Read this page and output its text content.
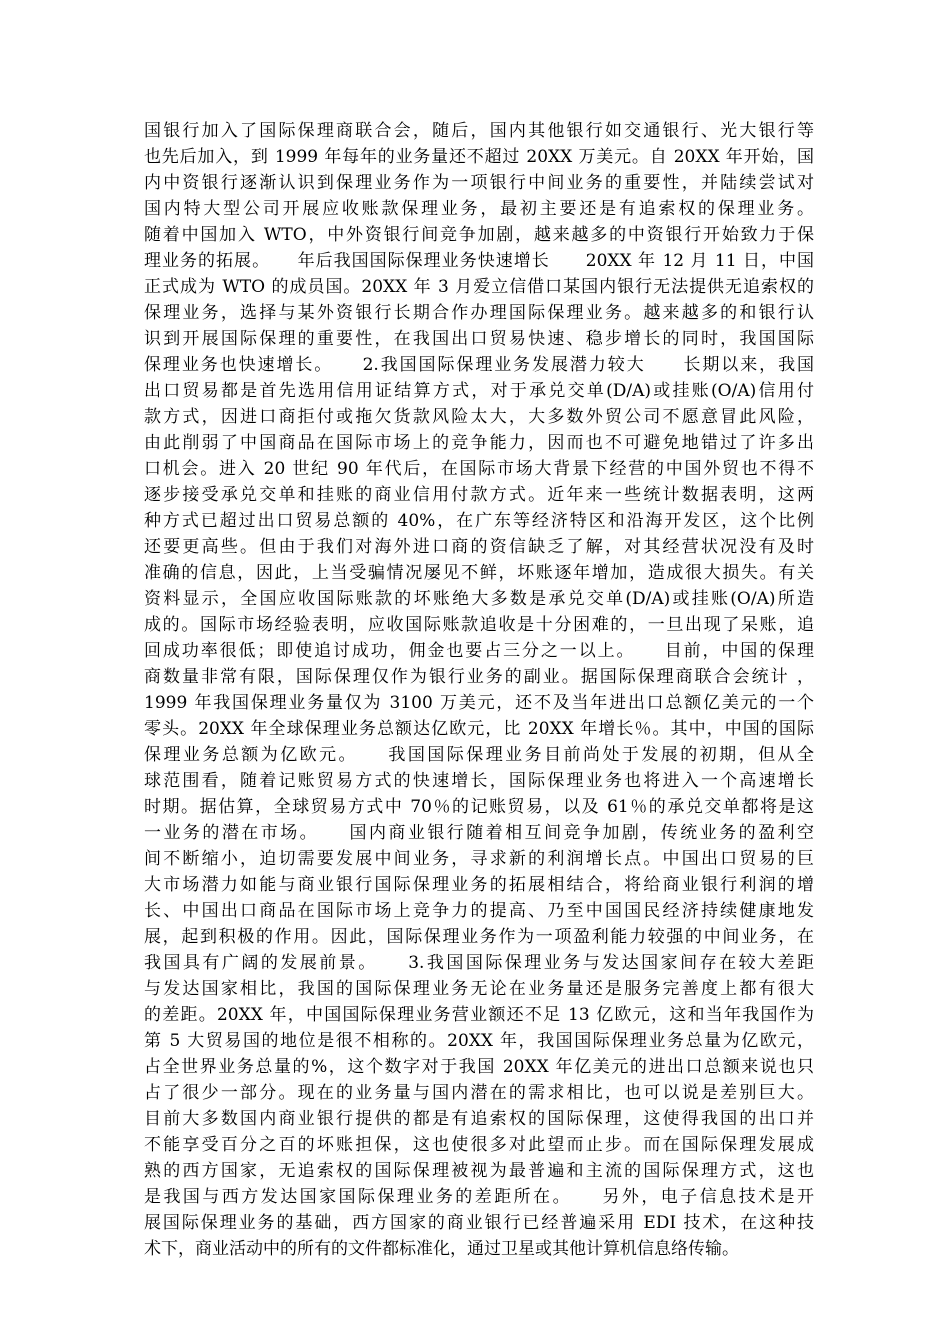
国银行加入了国际保理商联合会，随后，国内其他银行如交通银行、光大银行等
也先后加入，到 1999 年每年的业务量还不超过 20XX 万美元。自 20XX 年开始，国
内中资银行逐渐认识到保理业务作为一项银行中间业务的重要性，并陆续尝试对
国内特大型公司开展应收账款保理业务，最初主要还是有追索权的保理业务。
随着中国加入 WTO，中外资银行间竞争加剧，越来越多的中资银行开始致力于保
理业务的拓展。　　年后我国国际保理业务快速增长　　20XX 年 12 月 11 日，中国
正式成为 WTO 的成员国。20XX 年 3 月爱立信借口某国内银行无法提供无追索权的
保理业务，选择与某外资银行长期合作办理国际保理业务。越来越多的和银行认
识到开展国际保理的重要性，在我国出口贸易快速、稳步增长的同时，我国国际
保理业务也快速增长。　　2.我国国际保理业务发展潜力较大　　长期以来，我国
出口贸易都是首先选用信用证结算方式，对于承兑交单(D/A)或挂账(O/A)信用付
款方式，因进口商拒付或拖欠货款风险太大，大多数外贸公司不愿意冒此风险，
由此削弱了中国商品在国际市场上的竞争能力，因而也不可避免地错过了许多出
口机会。进入 20 世纪 90 年代后，在国际市场大背景下经营的中国外贸也不得不
逐步接受承兑交单和挂账的商业信用付款方式。近年来一些统计数据表明，这两
种方式已超过出口贸易总额的 40%，在广东等经济特区和沿海开发区，这个比例
还要更高些。但由于我们对海外进口商的资信缺乏了解，对其经营状况没有及时
准确的信息，因此，上当受骗情况屡见不鲜，坏账逐年增加，造成很大损失。有关
资料显示，全国应收国际账款的坏账绝大多数是承兑交单(D/A)或挂账(O/A)所造
成的。国际市场经验表明，应收国际账款追收是十分困难的，一旦出现了呆账，追
回成功率很低；即使追讨成功，佣金也要占三分之一以上。　　目前，中国的保理
商数量非常有限，国际保理仅作为银行业务的副业。据国际保理商联合会统计 ，
1999 年我国保理业务量仅为 3100 万美元，还不及当年进出口总额亿美元的一个
零头。20XX 年全球保理业务总额达亿欧元，比 20XX 年增长％。其中，中国的国际
保理业务总额为亿欧元。　　我国国际保理业务目前尚处于发展的初期，但从全
球范围看，随着记账贸易方式的快速增长，国际保理业务也将进入一个高速增长
时期。据估算，全球贸易方式中 70％的记账贸易，以及 61％的承兑交单都将是这
一业务的潜在市场。　　国内商业银行随着相互间竞争加剧，传统业务的盈利空
间不断缩小，迫切需要发展中间业务，寻求新的利润增长点。中国出口贸易的巨
大市场潜力如能与商业银行国际保理业务的拓展相结合，将给商业银行利润的增
长、中国出口商品在国际市场上竞争力的提高、乃至中国国民经济持续健康地发
展，起到积极的作用。因此，国际保理业务作为一项盈利能力较强的中间业务，在
我国具有广阔的发展前景。　　3.我国国际保理业务与发达国家间存在较大差距
与发达国家相比，我国的国际保理业务无论在业务量还是服务完善度上都有很大
的差距。20XX 年，中国国际保理业务营业额还不足 13 亿欧元，这和当年我国作为
第 5 大贸易国的地位是很不相称的。20XX 年，我国国际保理业务总量为亿欧元，
占全世界业务总量的%，这个数字对于我国 20XX 年亿美元的进出口总额来说也只
占了很少一部分。现在的业务量与国内潜在的需求相比，也可以说是差别巨大。
目前大多数国内商业银行提供的都是有追索权的国际保理，这使得我国的出口并
不能享受百分之百的坏账担保，这也使很多对此望而止步。而在国际保理发展成
熟的西方国家，无追索权的国际保理被视为最普遍和主流的国际保理方式，这也
是我国与西方发达国家国际保理业务的差距所在。　　另外，电子信息技术是开
展国际保理业务的基础，西方国家的商业银行已经普遍采用 EDI 技术，在这种技
术下，商业活动中的所有的文件都标准化，通过卫星或其他计算机信息络传输。
